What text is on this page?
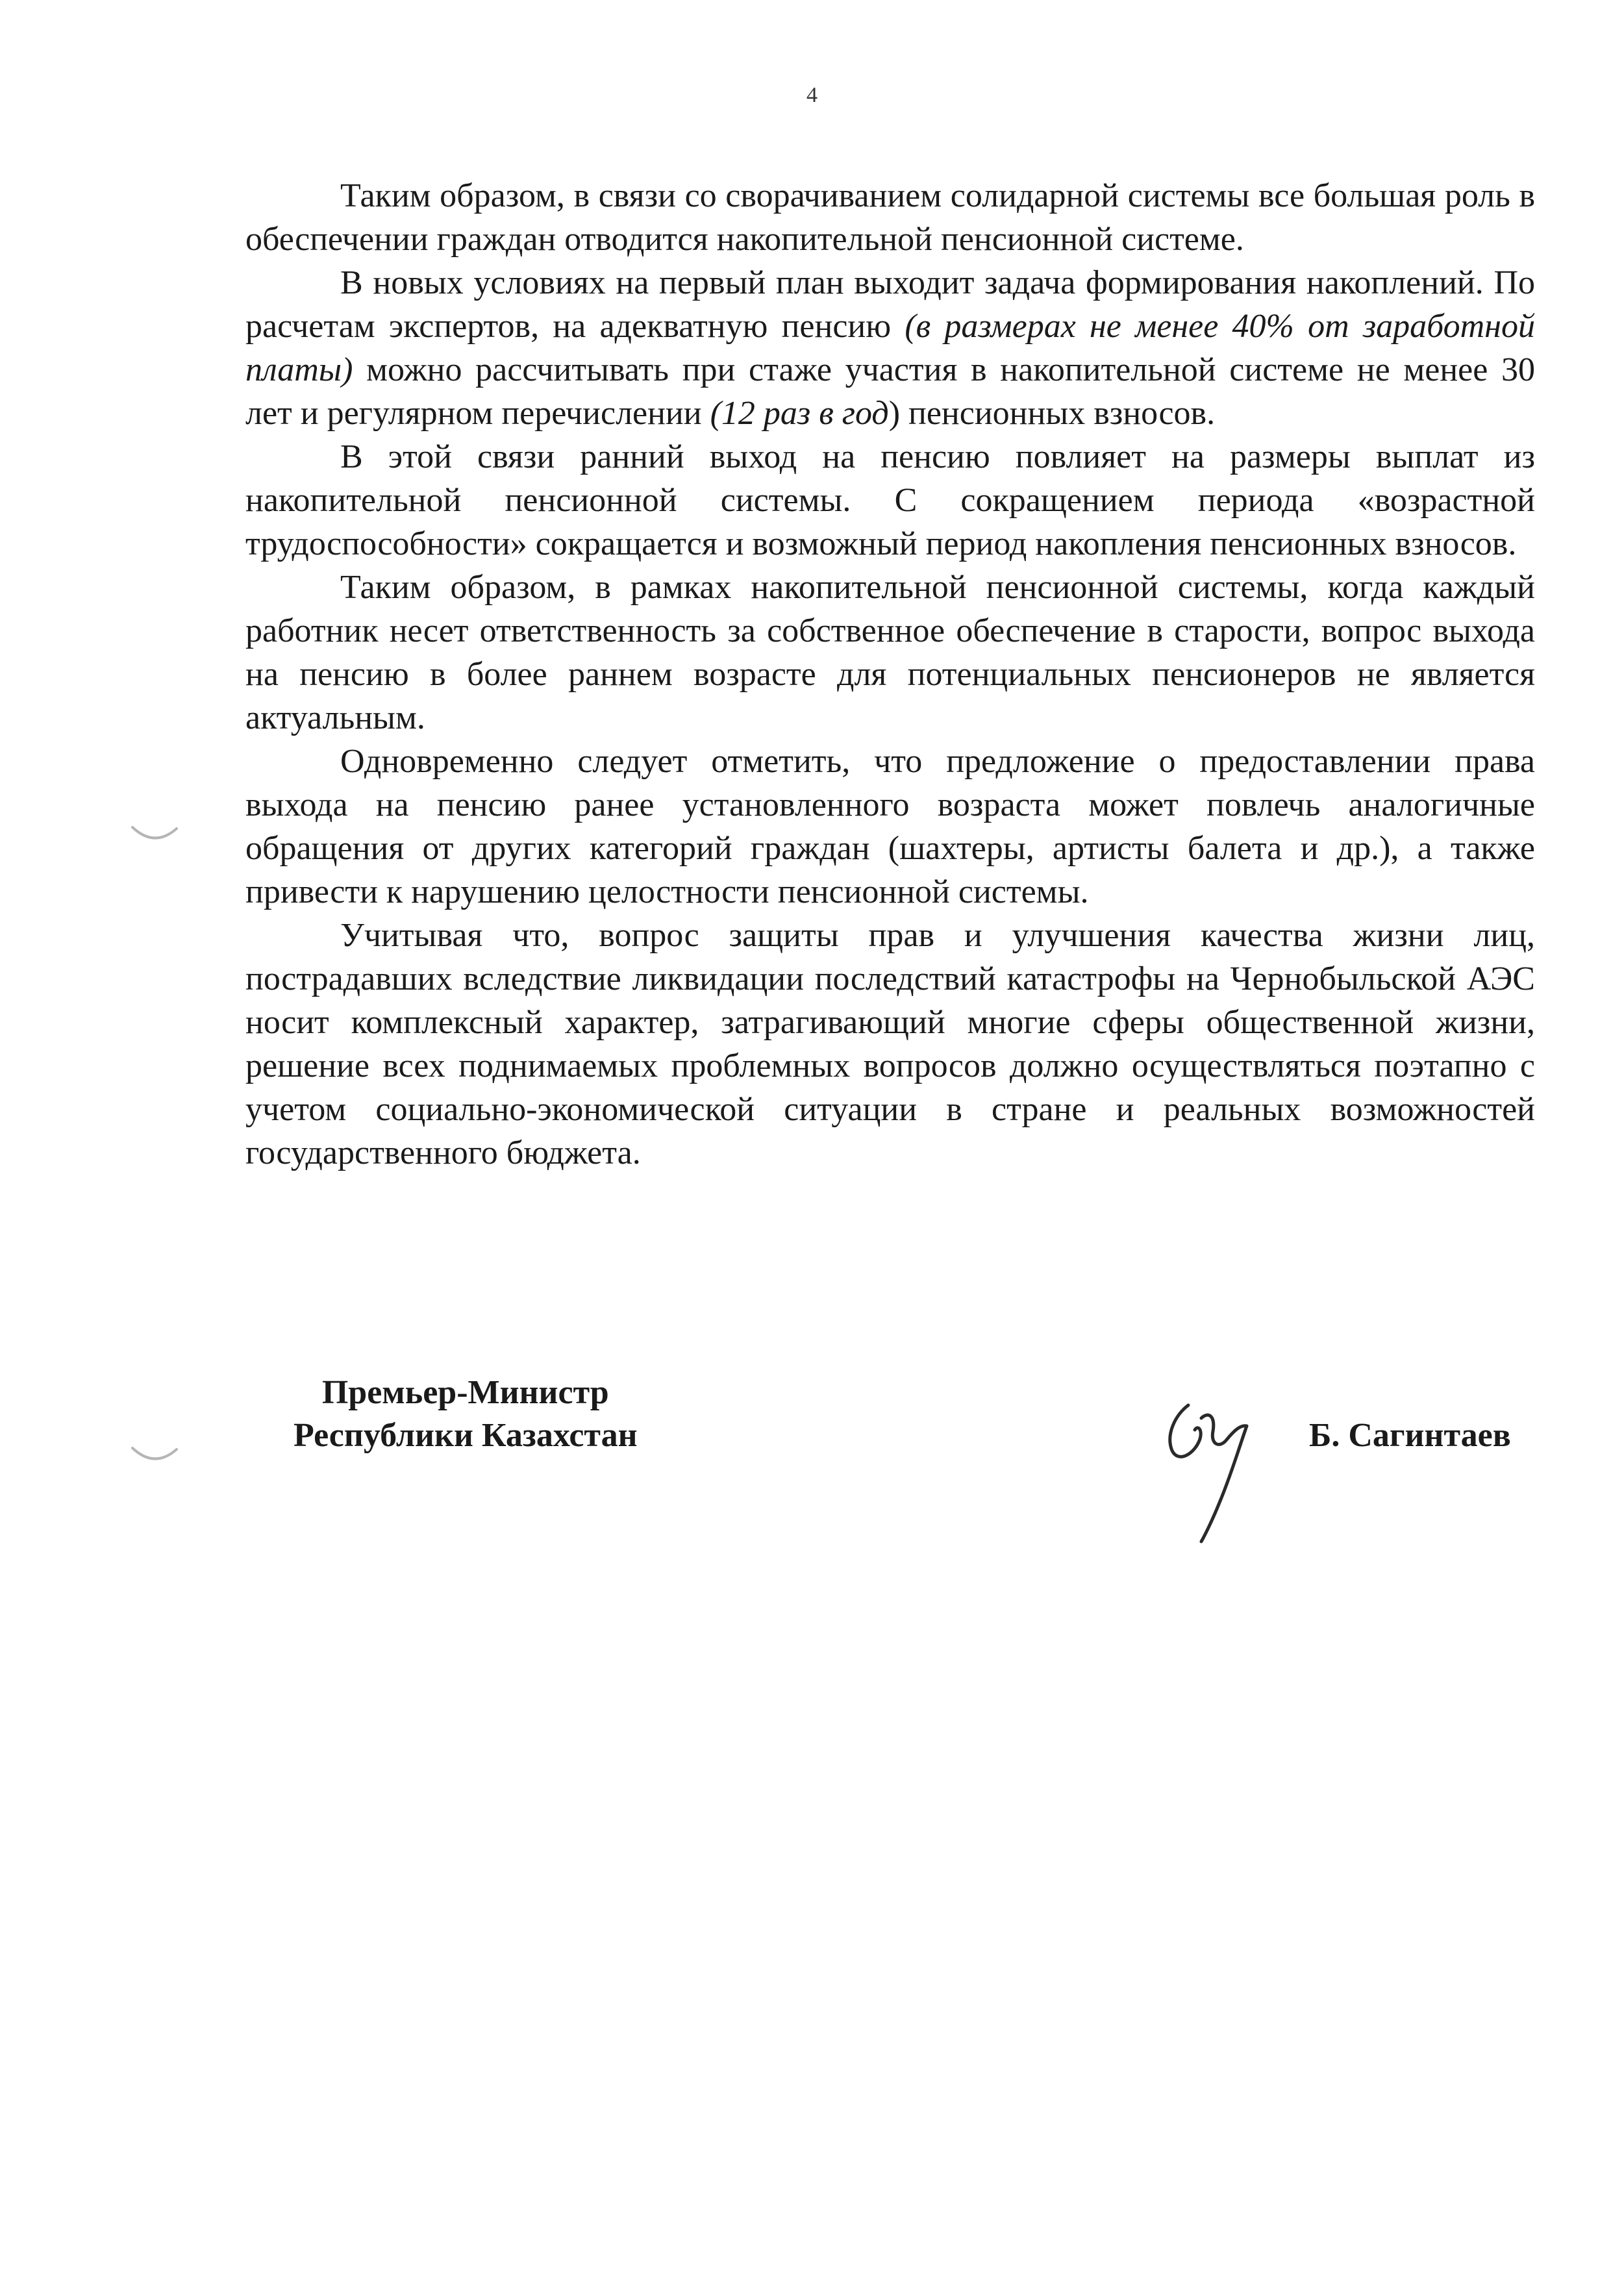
4

Таким образом, в связи со сворачиванием солидарной системы все большая роль в обеспечении граждан отводится накопительной пенсионной системе.

В новых условиях на первый план выходит задача формирования накоплений. По расчетам экспертов, на адекватную пенсию (в размерах не менее 40% от заработной платы) можно рассчитывать при стаже участия в накопительной системе не менее 30 лет и регулярном перечислении (12 раз в год) пенсионных взносов.

В этой связи ранний выход на пенсию повлияет на размеры выплат из накопительной пенсионной системы. С сокращением периода «возрастной трудоспособности» сокращается и возможный период накопления пенсионных взносов.

Таким образом, в рамках накопительной пенсионной системы, когда каждый работник несет ответственность за собственное обеспечение в старости, вопрос выхода на пенсию в более раннем возрасте для потенциальных пенсионеров не является актуальным.

Одновременно следует отметить, что предложение о предоставлении права выхода на пенсию ранее установленного возраста может повлечь аналогичные обращения от других категорий граждан (шахтеры, артисты балета и др.), а также привести к нарушению целостности пенсионной системы.

Учитывая что, вопрос защиты прав и улучшения качества жизни лиц, пострадавших вследствие ликвидации последствий катастрофы на Чернобыльской АЭС носит комплексный характер, затрагивающий многие сферы общественной жизни, решение всех поднимаемых проблемных вопросов должно осуществляться поэтапно с учетом социально-экономической ситуации в стране и реальных возможностей государственного бюджета.

Премьер-Министр
Республики Казахстан	Б. Сагинтаев
